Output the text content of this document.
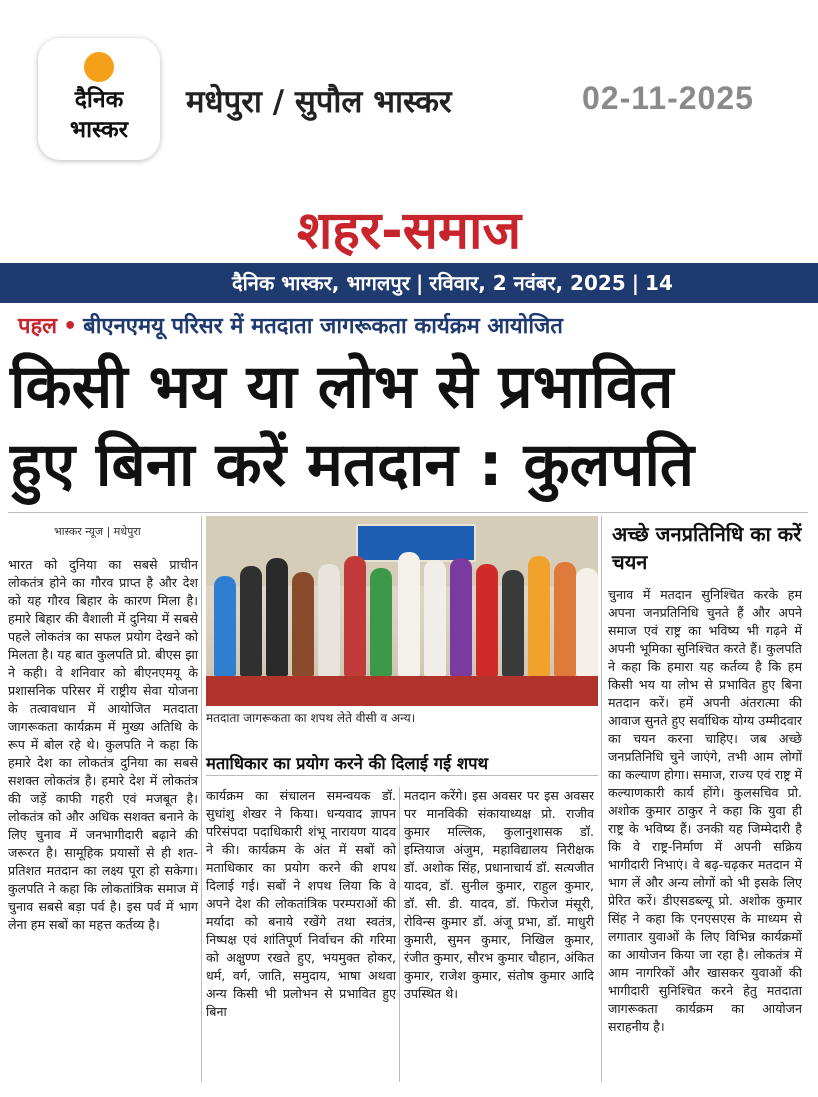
दैनिक
भास्कर
मधेपुरा / सुपौल भास्कर	02-11-2025
शहर-समाज
दैनिक भास्कर, भागलपुर | रविवार, 2 नवंबर, 2025 | 14
पहल • बीएनएमयू परिसर में मतदाता जागरूकता कार्यक्रम आयोजित
किसी भय या लोभ से प्रभावित
हुए बिना करें मतदान : कुलपति
भास्कर न्यूज | मधेपुरा
भारत को दुनिया का सबसे प्राचीन लोकतंत्र होने का गौरव प्राप्त है और देश को यह गौरव बिहार के कारण मिला है। हमारे बिहार की वैशाली में दुनिया में सबसे पहले लोकतंत्र का सफल प्रयोग देखने को मिलता है। यह बात कुलपति प्रो. बीएस झा ने कही। वे शनिवार को बीएनएमयू के प्रशासनिक परिसर में राष्ट्रीय सेवा योजना के तत्वावधान में आयोजित मतदाता जागरूकता कार्यक्रम में मुख्य अतिथि के रूप में बोल रहे थे। कुलपति ने कहा कि हमारे देश का लोकतंत्र दुनिया का सबसे सशक्त लोकतंत्र है। हमारे देश में लोकतंत्र की जड़ें काफी गहरी एवं मजबूत है। लोकतंत्र को और अधिक सशक्त बनाने के लिए चुनाव में जनभागीदारी बढ़ाने की जरूरत है। सामूहिक प्रयासों से ही शत-प्रतिशत मतदान का लक्ष्य पूरा हो सकेगा। कुलपति ने कहा कि लोकतांत्रिक समाज में चुनाव सबसे बड़ा पर्व है। इस पर्व में भाग लेना हम सबों का महत्त कर्तव्य है।
मतदाता जागरूकता का शपथ लेते वीसी व अन्य।
मताधिकार का प्रयोग करने की दिलाई गई शपथ
कार्यक्रम का संचालन समन्वयक डॉ. सुधांशु शेखर ने किया। धन्यवाद ज्ञापन परिसंपदा पदाधिकारी शंभू नारायण यादव ने की। कार्यक्रम के अंत में सबों को मताधिकार का प्रयोग करने की शपथ दिलाई गई। सबों ने शपथ लिया कि वे अपने देश की लोकतांत्रिक परम्पराओं की मर्यादा को बनाये रखेंगे तथा स्वतंत्र, निष्पक्ष एवं शांतिपूर्ण निर्वाचन की गरिमा को अक्षुण्ण रखते हुए, भयमुक्त होकर, धर्म, वर्ग, जाति, समुदाय, भाषा अथवा अन्य किसी भी प्रलोभन से प्रभावित हुए बिना
मतदान करेंगे। इस अवसर पर इस अवसर पर मानविकी संकायाध्यक्ष प्रो. राजीव कुमार मल्लिक, कुलानुशासक डॉ. इम्तियाज अंजुम, महाविद्यालय निरीक्षक डॉ. अशोक सिंह, प्रधानाचार्य डॉ. सत्यजीत यादव, डॉ. सुनील कुमार, राहुल कुमार, डॉ. सी. डी. यादव, डॉ. फिरोज मंसूरी, रोविन्स कुमार डॉ. अंजू प्रभा, डॉ. माधुरी कुमारी, सुमन कुमार, निखिल कुमार, रंजीत कुमार, सौरभ कुमार चौहान, अंकित कुमार, राजेश कुमार, संतोष कुमार आदि उपस्थित थे।
अच्छे जनप्रतिनिधि का करें चयन
चुनाव में मतदान सुनिश्चित करके हम अपना जनप्रतिनिधि चुनते हैं और अपने समाज एवं राष्ट्र का भविष्य भी गढ़ने में अपनी भूमिका सुनिश्चित करते हैं। कुलपति ने कहा कि हमारा यह कर्तव्य है कि हम किसी भय या लोभ से प्रभावित हुए बिना मतदान करें। हमें अपनी अंतरात्मा की आवाज सुनते हुए सर्वाधिक योग्य उम्मीदवार का चयन करना चाहिए। जब अच्छे जनप्रतिनिधि चुने जाएंगे, तभी आम लोगों का कल्याण होगा। समाज, राज्य एवं राष्ट्र में कल्याणकारी कार्य होंगे। कुलसचिव प्रो. अशोक कुमार ठाकुर ने कहा कि युवा ही राष्ट्र के भविष्य हैं। उनकी यह जिम्मेदारी है कि वे राष्ट्र-निर्माण में अपनी सक्रिय भागीदारी निभाएं। वे बढ़-चढ़कर मतदान में भाग लें और अन्य लोगों को भी इसके लिए प्रेरित करें। डीएसडब्ल्यू प्रो. अशोक कुमार सिंह ने कहा कि एनएसएस के माध्यम से लगातार युवाओं के लिए विभिन्न कार्यक्रमों का आयोजन किया जा रहा है। लोकतंत्र में आम नागरिकों और खासकर युवाओं की भागीदारी सुनिश्चित करने हेतु मतदाता जागरूकता कार्यक्रम का आयोजन सराहनीय है।
